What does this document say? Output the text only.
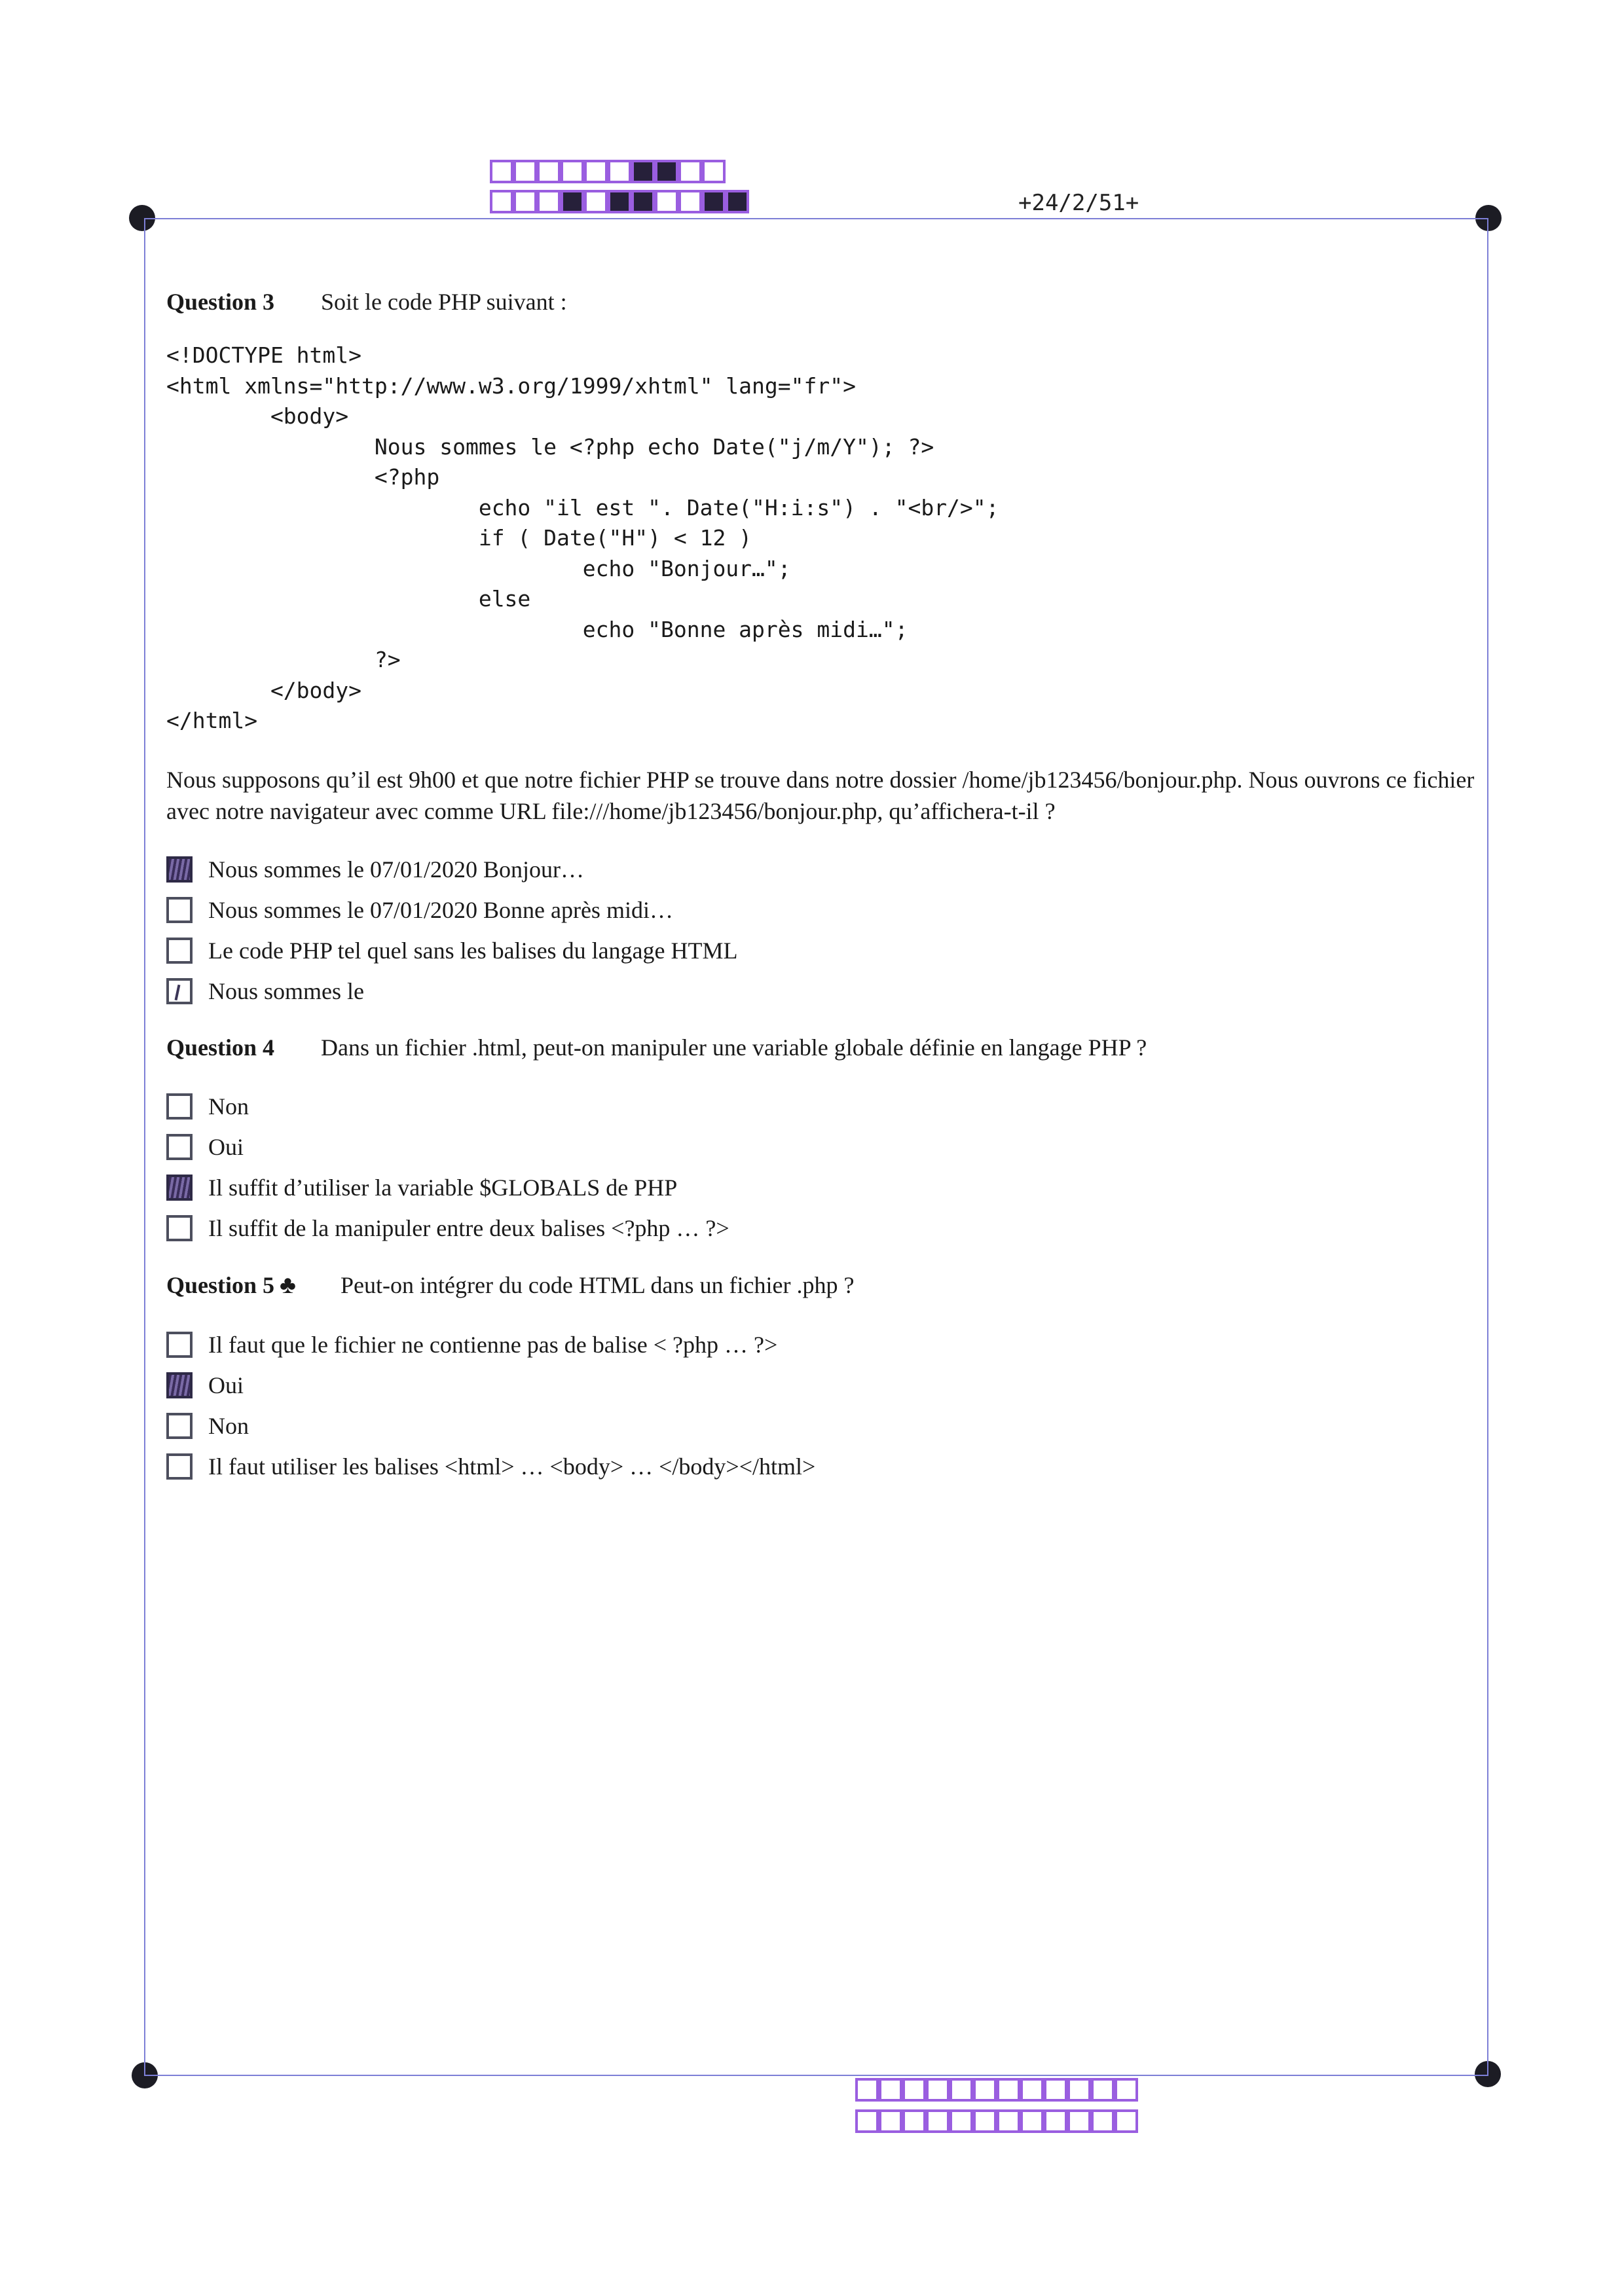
+24/2/51+
Question 3	Soit le code PHP suivant :
<!DOCTYPE html>
<html xmlns="http://www.w3.org/1999/xhtml" lang="fr">
<body>
Nous sommes le <?php echo Date("j/m/Y"); ?>
<?php
echo "il est ". Date("H:i:s") . "<br/>";
if ( Date("H") < 12 )
echo "Bonjour…";
else
echo "Bonne après midi…";
?>
</body>
</html>
Nous supposons qu’il est 9h00 et que notre fichier PHP se trouve dans notre dossier /home/jb123456/bonjour.php. Nous ouvrons ce fichier avec notre navigateur avec comme URL file:///home/jb123456/bonjour.php, qu’affichera-t-il ?
Nous sommes le 07/01/2020 Bonjour…
Nous sommes le 07/01/2020 Bonne après midi…
Le code PHP tel quel sans les balises du langage HTML
Nous sommes le
Question 4	Dans un fichier .html, peut-on manipuler une variable globale définie en langage PHP ?
Non
Oui
Il suffit d’utiliser la variable $GLOBALS de PHP
Il suffit de la manipuler entre deux balises <?php … ?>
Question 5 ♣	Peut-on intégrer du code HTML dans un fichier .php ?
Il faut que le fichier ne contienne pas de balise < ?php … ?>
Oui
Non
Il faut utiliser les balises <html> … <body> … </body></html>
